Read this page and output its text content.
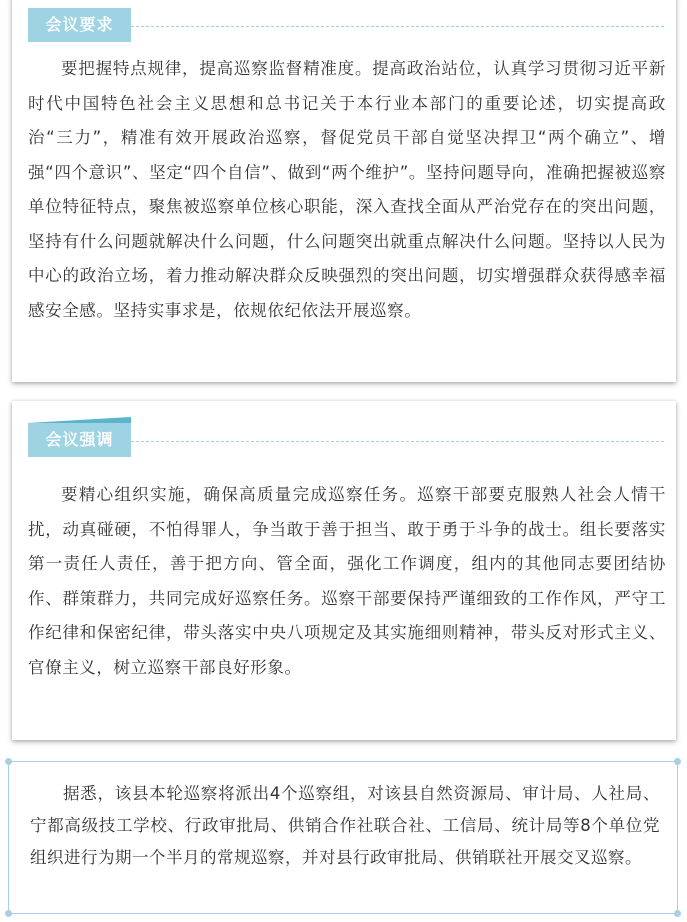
会议要求

要把握特点规律，提高巡察监督精准度。提高政治站位，认真学习贯彻习近平新时代中国特色社会主义思想和总书记关于本行业本部门的重要论述，切实提高政治“三力”，精准有效开展政治巡察，督促党员干部自觉坚决捍卫“两个确立”、增强“四个意识”、坚定“四个自信”、做到“两个维护”。坚持问题导向，准确把握被巡察单位特征特点，聚焦被巡察单位核心职能，深入查找全面从严治党存在的突出问题，坚持有什么问题就解决什么问题，什么问题突出就重点解决什么问题。坚持以人民为中心的政治立场，着力推动解决群众反映强烈的突出问题，切实增强群众获得感幸福感安全感。坚持实事求是，依规依纪依法开展巡察。

会议强调

要精心组织实施，确保高质量完成巡察任务。巡察干部要克服熟人社会人情干扰，动真碰硬，不怕得罪人，争当敢于善于担当、敢于勇于斗争的战士。组长要落实第一责任人责任，善于把方向、管全面，强化工作调度，组内的其他同志要团结协作、群策群力，共同完成好巡察任务。巡察干部要保持严谨细致的工作作风，严守工作纪律和保密纪律，带头落实中央八项规定及其实施细则精神，带头反对形式主义、官僚主义，树立巡察干部良好形象。

据悉，该县本轮巡察将派出4个巡察组，对该县自然资源局、审计局、人社局、宁都高级技工学校、行政审批局、供销合作社联合社、工信局、统计局等8个单位党组织进行为期一个半月的常规巡察，并对县行政审批局、供销联社开展交叉巡察。
